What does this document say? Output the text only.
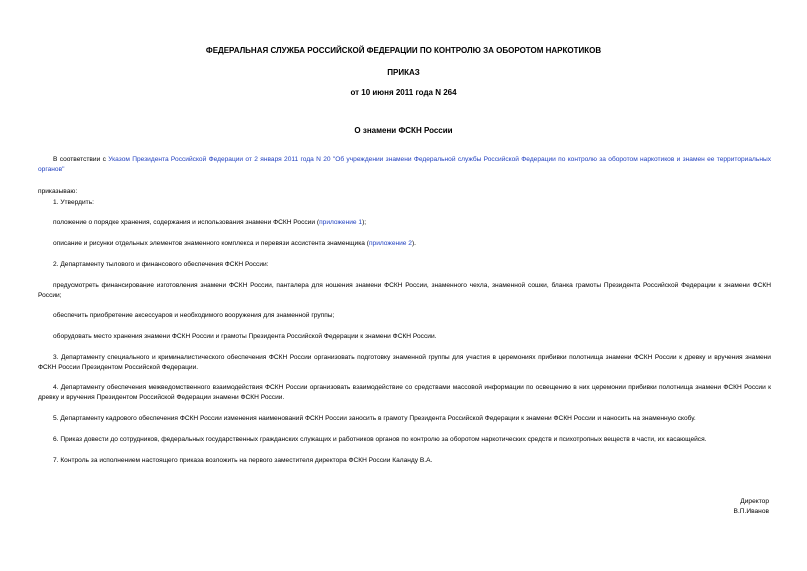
ФЕДЕРАЛЬНАЯ СЛУЖБА РОССИЙСКОЙ ФЕДЕРАЦИИ ПО КОНТРОЛЮ ЗА ОБОРОТОМ НАРКОТИКОВ
ПРИКАЗ
от 10 июня 2011 года N 264
О знамени ФСКН России
В соответствии с Указом Президента Российской Федерации от 2 января 2011 года N 20 "Об учреждении знамени Федеральной службы Российской Федерации по контролю за оборотом наркотиков и знамен ее территориальных органов"
приказываю:
1. Утвердить:
положение о порядке хранения, содержания и использования знамени ФСКН России (приложение 1);
описание и рисунки отдельных элементов знаменного комплекса и перевязи ассистента знаменщика (приложение 2).
2. Департаменту тылового и финансового обеспечения ФСКН России:
предусмотреть финансирование изготовления знамени ФСКН России, панталера для ношения знамени ФСКН России, знаменного чехла, знаменной сошки, бланка грамоты Президента Российской Федерации к знамени ФСКН России;
обеспечить приобретение аксессуаров и необходимого вооружения для знаменной группы;
оборудовать место хранения знамени ФСКН России и грамоты Президента Российской Федерации к знамени ФСКН России.
3. Департаменту специального и криминалистического обеспечения ФСКН России организовать подготовку знаменной группы для участия в церемониях прибивки полотнища знамени ФСКН России к древку и вручения знамени ФСКН России Президентом Российской Федерации.
4. Департаменту обеспечения межведомственного взаимодействия ФСКН России организовать взаимодействие со средствами массовой информации по освещению в них церемонии прибивки полотнища знамени ФСКН России к древку и вручения Президентом Российской Федерации знамени ФСКН России.
5. Департаменту кадрового обеспечения ФСКН России изменения наименований ФСКН России заносить в грамоту Президента Российской Федерации к знамени ФСКН России и наносить на знаменную скобу.
6. Приказ довести до сотрудников, федеральных государственных гражданских служащих и работников органов по контролю за оборотом наркотических средств и психотропных веществ в части, их касающейся.
7. Контроль за исполнением настоящего приказа возложить на первого заместителя директора ФСКН России Каланду В.А.
Директор
В.П.Иванов
